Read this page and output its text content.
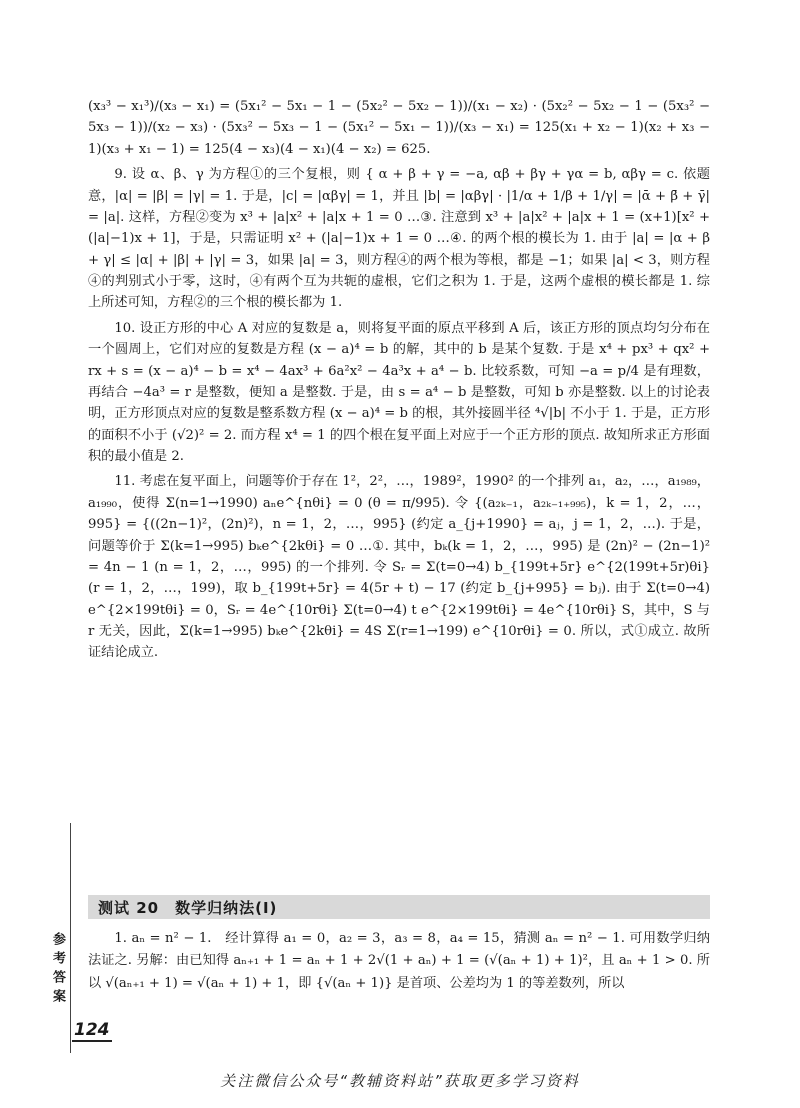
(x₃³ − x₁³)/(x₃ − x₁) = (5x₁² − 5x₁ − 1 − (5x₂² − 5x₂ − 1))/(x₁ − x₂) · (5x₂² − 5x₂ − 1 − (5x₃² − 5x₃ − 1))/(x₂ − x₃) · (5x₃² − 5x₃ − 1 − (5x₁² − 5x₁ − 1))/(x₃ − x₁) = 125(x₁ + x₂ − 1)(x₂ + x₃ − 1)(x₃ + x₁ − 1) = 125(4 − x₃)(4 − x₁)(4 − x₂) = 625.

9. 设 α、β、γ 为方程①的三个复根，则 { α + β + γ = −a, αβ + βγ + γα = b, αβγ = c. 依题意，|α| = |β| = |γ| = 1. 于是，|c| = |αβγ| = 1，并且 |b| = |αβγ| · |1/α + 1/β + 1/γ| = |ᾱ + β̄ + γ̄| = |a|. 这样，方程②变为 x³ + |a|x² + |a|x + 1 = 0 …③. 注意到 x³ + |a|x² + |a|x + 1 = (x+1)[x² + (|a|−1)x + 1]，于是，只需证明 x² + (|a|−1)x + 1 = 0 …④. 的两个根的模长为 1. 由于 |a| = |α + β + γ| ≤ |α| + |β| + |γ| = 3，如果 |a| = 3，则方程④的两个根为等根，都是 −1；如果 |a| < 3，则方程④的判别式小于零，这时，④有两个互为共轭的虚根，它们之积为 1. 于是，这两个虚根的模长都是 1. 综上所述可知，方程②的三个根的模长都为 1.

10. 设正方形的中心 A 对应的复数是 a，则将复平面的原点平移到 A 后，该正方形的顶点均匀分布在一个圆周上，它们对应的复数是方程 (x − a)⁴ = b 的解，其中的 b 是某个复数. 于是 x⁴ + px³ + qx² + rx + s = (x − a)⁴ − b = x⁴ − 4ax³ + 6a²x² − 4a³x + a⁴ − b. 比较系数，可知 −a = p/4 是有理数，再结合 −4a³ = r 是整数，便知 a 是整数. 于是，由 s = a⁴ − b 是整数，可知 b 亦是整数. 以上的讨论表明，正方形顶点对应的复数是整系数方程 (x − a)⁴ = b 的根，其外接圆半径 ⁴√|b| 不小于 1. 于是，正方形的面积不小于 (√2)² = 2. 而方程 x⁴ = 1 的四个根在复平面上对应于一个正方形的顶点. 故知所求正方形面积的最小值是 2.

11. 考虑在复平面上，问题等价于存在 1²，2²，…，1989²，1990² 的一个排列 a₁，a₂，…，a₁₉₈₉，a₁₉₉₀，使得 Σ(n=1→1990) aₙe^{nθi} = 0 (θ = π/995). 令 {(a₂ₖ₋₁，a₂ₖ₋₁₊₉₉₅)，k = 1，2，…，995} = {((2n−1)²，(2n)²)，n = 1，2，…，995} (约定 a_{j+1990} = aⱼ，j = 1，2，…). 于是，问题等价于 Σ(k=1→995) bₖe^{2kθi} = 0 …①. 其中，bₖ(k = 1，2，…，995) 是 (2n)² − (2n−1)² = 4n − 1 (n = 1，2，…，995) 的一个排列. 令 Sᵣ = Σ(t=0→4) b_{199t+5r} e^{2(199t+5r)θi} (r = 1，2，…，199)，取 b_{199t+5r} = 4(5r + t) − 17 (约定 b_{j+995} = bⱼ). 由于 Σ(t=0→4) e^{2×199tθi} = 0，Sᵣ = 4e^{10rθi} Σ(t=0→4) t e^{2×199tθi} = 4e^{10rθi} S，其中，S 与 r 无关，因此，Σ(k=1→995) bₖe^{2kθi} = 4S Σ(r=1→199) e^{10rθi} = 0. 所以，式①成立. 故所证结论成立.

测试 20　数学归纳法(Ⅰ)

1. aₙ = n² − 1.　经计算得 a₁ = 0，a₂ = 3，a₃ = 8，a₄ = 15，猜测 aₙ = n² − 1. 可用数学归纳法证之. 另解：由已知得 aₙ₊₁ + 1 = aₙ + 1 + 2√(1 + aₙ) + 1 = (√(aₙ + 1) + 1)²，且 aₙ + 1 > 0. 所以 √(aₙ₊₁ + 1) = √(aₙ + 1) + 1，即 {√(aₙ + 1)} 是首项、公差均为 1 的等差数列，所以

参考答案
124
关注微信公众号“教辅资料站”获取更多学习资料
